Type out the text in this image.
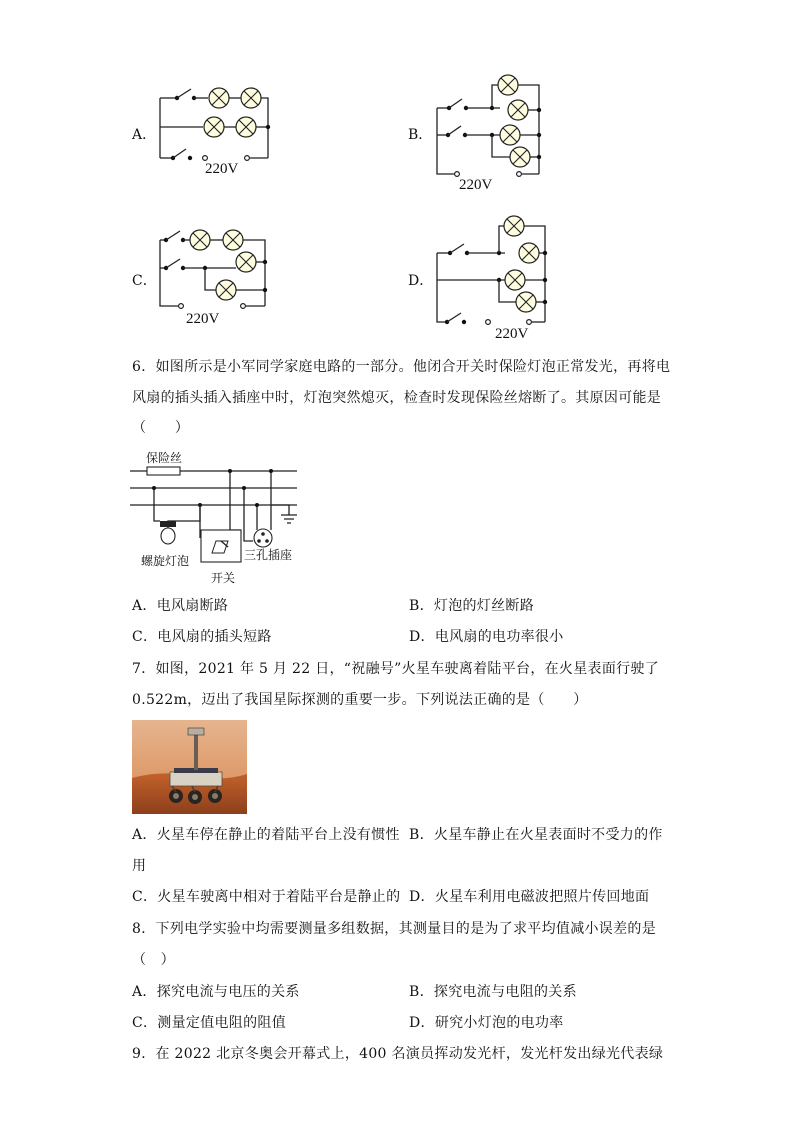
A．
220V
B．
220V
C．
220V
D．
220V
6．如图所示是小军同学家庭电路的一部分。他闭合开关时保险灯泡正常发光，再将电
风扇的插头插入插座中时，灯泡突然熄灭，检查时发现保险丝熔断了。其原因可能是
（　　）
保险丝
螺旋灯泡
开关
三孔插座
A．电风扇断路	B．灯泡的灯丝断路
C．电风扇的插头短路	D．电风扇的电功率很小
7．如图，2021 年 5 月 22 日，“祝融号”火星车驶离着陆平台，在火星表面行驶了
0.522m，迈出了我国星际探测的重要一步。下列说法正确的是（　　）
A．火星车停在静止的着陆平台上没有惯性 B．火星车静止在火星表面时不受力的作
用
C．火星车驶离中相对于着陆平台是静止的 D．火星车利用电磁波把照片传回地面
8．下列电学实验中均需要测量多组数据，其测量目的是为了求平均值减小误差的是
（　）
A．探究电流与电压的关系	B．探究电流与电阻的关系
C．测量定值电阻的阻值	D．研究小灯泡的电功率
9．在 2022 北京冬奥会开幕式上，400 名演员挥动发光杆，发光杆发出绿光代表绿
